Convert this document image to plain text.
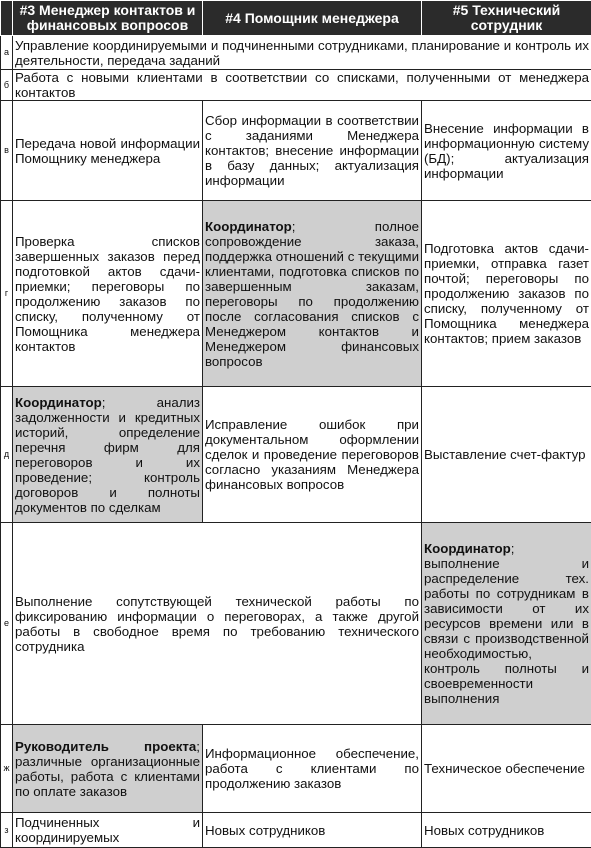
	#3 Менеджер контактов и финансовых вопросов	#4 Помощник менеджера	#5 Технический сотрудник
а	Управление координируемыми и подчиненными сотрудниками, планирование и контроль их деятельности, передача заданий		
б	Работа с новыми клиентами в соответствии со списками, полученными от менеджера контактов		
в	Передача новой информации Помощнику менеджера	Сбор информации в соответствии с заданиями Менеджера контактов; внесение информации в базу данных; актуализация информации	Внесение информации в информационную систему (БД); актуализация информации
г	Проверка списков завершенных заказов перед подготовкой актов сдачи-приемки; переговоры по продолжению заказов по списку, полученному от Помощника менеджера контактов	Координатор; полное сопровождение заказа, поддержка отношений с текущими клиентами, подготовка списков по завершенным заказам, переговоры по продолжению после согласования списков с Менеджером контактов и Менеджером финансовых вопросов	Подготовка актов сдачи-приемки, отправка газет почтой; переговоры по продолжению заказов по списку, полученному от Помощника менеджера контактов; прием заказов
д	Координатор; анализ задолженности и кредитных историй, определение перечня фирм для переговоров и их проведение; контроль договоров и полноты документов по сделкам	Исправление ошибок при документальном оформлении сделок и проведение переговоров согласно указаниям Менеджера финансовых вопросов	Выставление счет-фактур
е	Выполнение сопутствующей технической работы по фиксированию информации о переговорах, а также другой работы в свободное время по требованию технического сотрудника		Координатор; выполнение и распределение тех. работы по сотрудникам в зависимости от их ресурсов времени или в связи с производственной необходимостью, контроль полноты и своевременности выполнения
ж	Руководитель проекта; различные организационные работы, работа с клиентами по оплате заказов	Информационное обеспечение, работа с клиентами по продолжению заказов	Техническое обеспечение
з	Подчиненных и координируемых	Новых сотрудников	Новых сотрудников
